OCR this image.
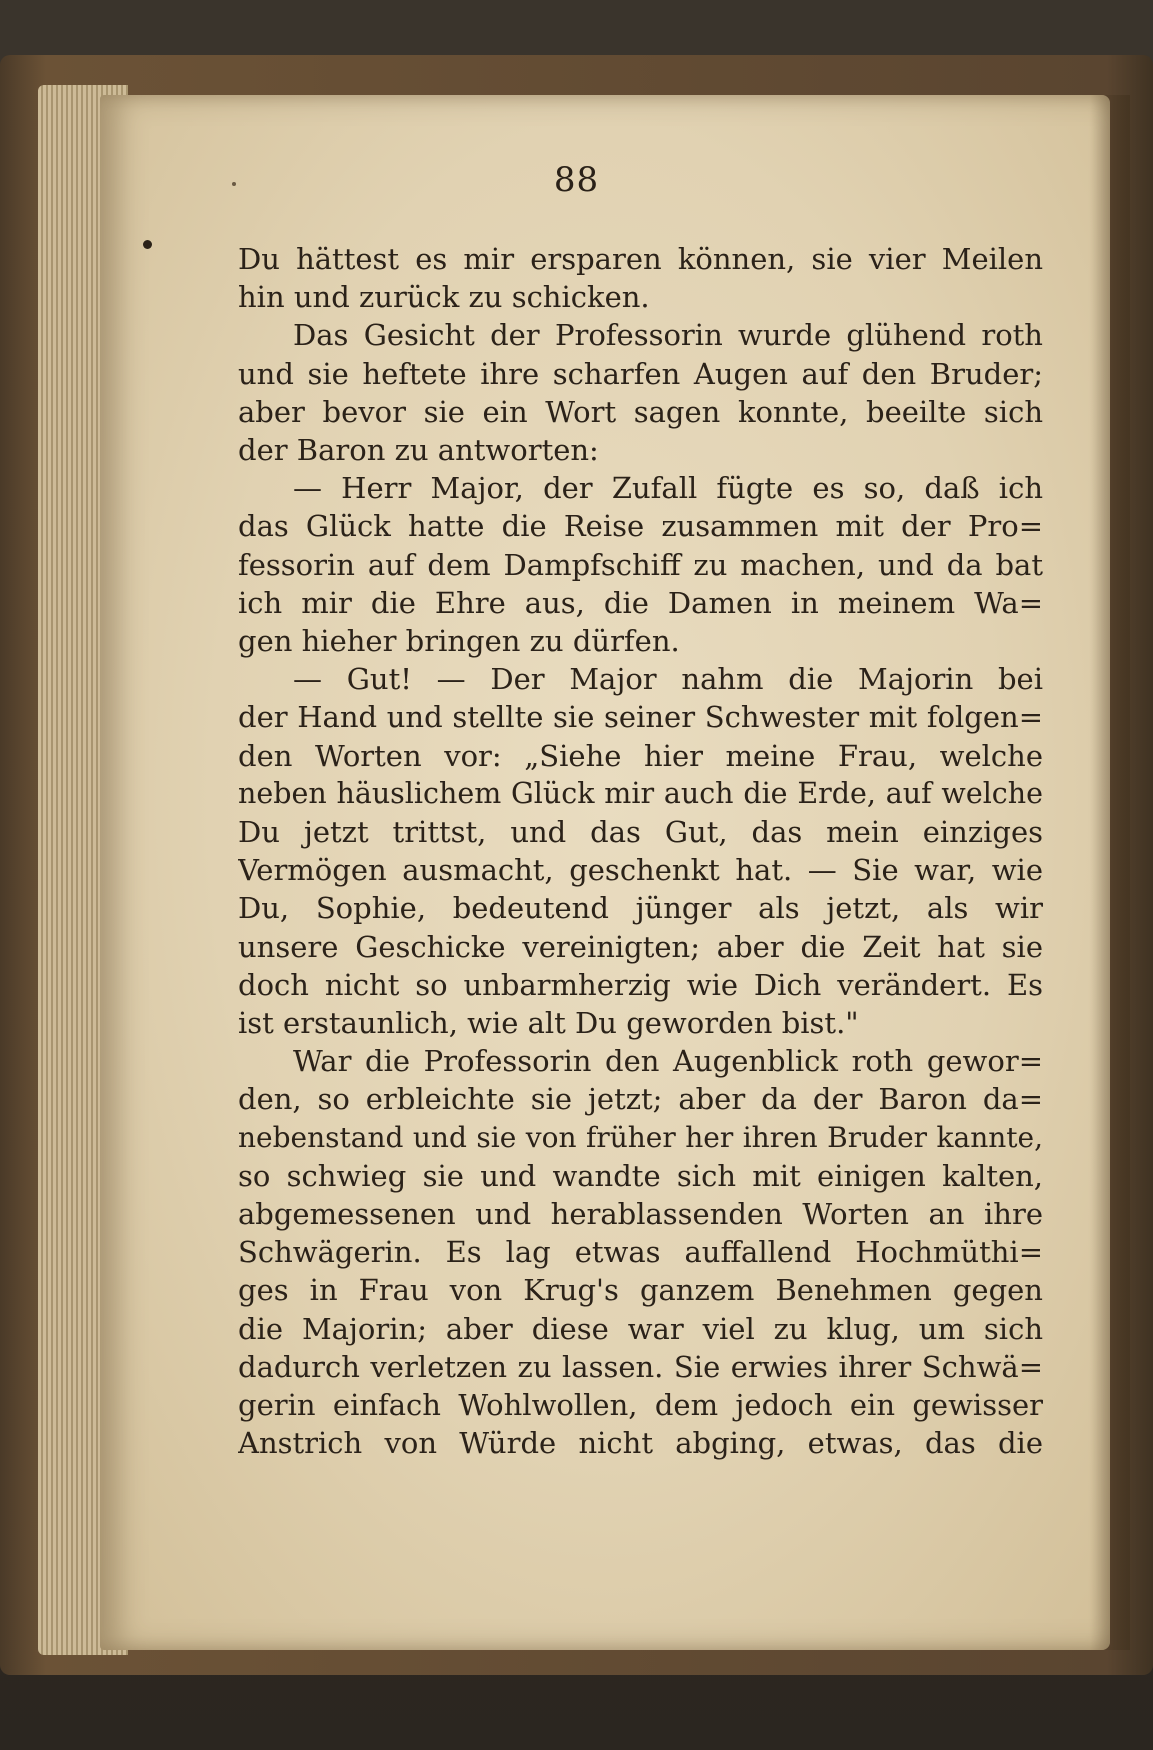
88
Du hättest es mir ersparen können, sie vier Meilen
hin und zurück zu schicken.
Das Gesicht der Professorin wurde glühend roth
und sie heftete ihre scharfen Augen auf den Bruder;
aber bevor sie ein Wort sagen konnte, beeilte sich
der Baron zu antworten:
— Herr Major, der Zufall fügte es so, daß ich
das Glück hatte die Reise zusammen mit der Pro=
fessorin auf dem Dampfschiff zu machen, und da bat
ich mir die Ehre aus, die Damen in meinem Wa=
gen hieher bringen zu dürfen.
— Gut! — Der Major nahm die Majorin bei
der Hand und stellte sie seiner Schwester mit folgen=
den Worten vor: „Siehe hier meine Frau, welche
neben häuslichem Glück mir auch die Erde, auf welche
Du jetzt trittst, und das Gut, das mein einziges
Vermögen ausmacht, geschenkt hat. — Sie war, wie
Du, Sophie, bedeutend jünger als jetzt, als wir
unsere Geschicke vereinigten; aber die Zeit hat sie
doch nicht so unbarmherzig wie Dich verändert. Es
ist erstaunlich, wie alt Du geworden bist."
War die Professorin den Augenblick roth gewor=
den, so erbleichte sie jetzt; aber da der Baron da=
nebenstand und sie von früher her ihren Bruder kannte,
so schwieg sie und wandte sich mit einigen kalten,
abgemessenen und herablassenden Worten an ihre
Schwägerin. Es lag etwas auffallend Hochmüthi=
ges in Frau von Krug's ganzem Benehmen gegen
die Majorin; aber diese war viel zu klug, um sich
dadurch verletzen zu lassen. Sie erwies ihrer Schwä=
gerin einfach Wohlwollen, dem jedoch ein gewisser
Anstrich von Würde nicht abging, etwas, das die
